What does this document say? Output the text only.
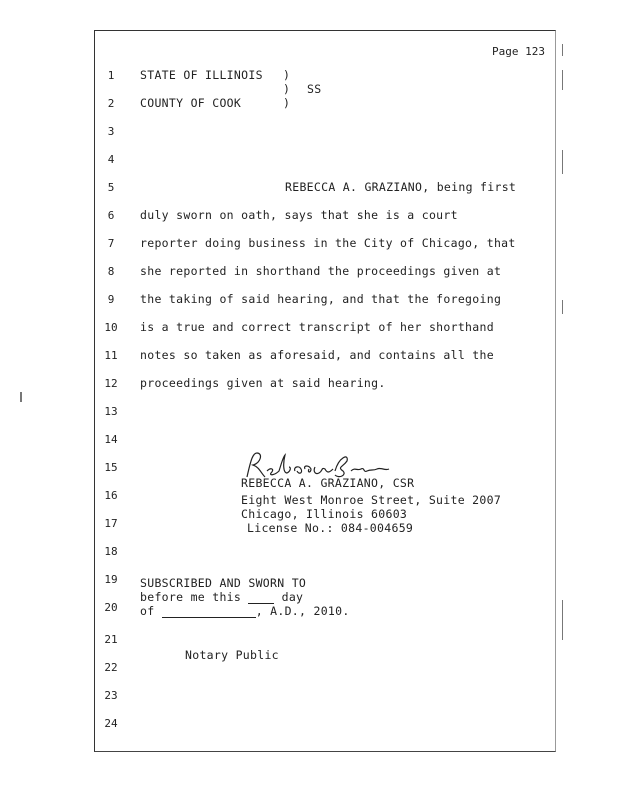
Page 123
1
2
3
4
5
6
7
8
9
10
11
12
13
14
15
16
17
18
19
20
21
22
23
24
STATE OF ILLINOIS )
) SS
COUNTY OF COOK	)
REBECCA A. GRAZIANO, being first
duly sworn on oath, says that she is a court
reporter doing business in the City of Chicago, that
she reported in shorthand the proceedings given at
the taking of said hearing, and that the foregoing
is a true and correct transcript of her shorthand
notes so taken as aforesaid, and contains all the
proceedings given at said hearing.
REBECCA A. GRAZIANO, CSR
Eight West Monroe Street, Suite 2007
Chicago, Illinois 60603
License No.: 084-004659
SUBSCRIBED AND SWORN TO
before me this	day
of	, A.D., 2010.
Notary Public
